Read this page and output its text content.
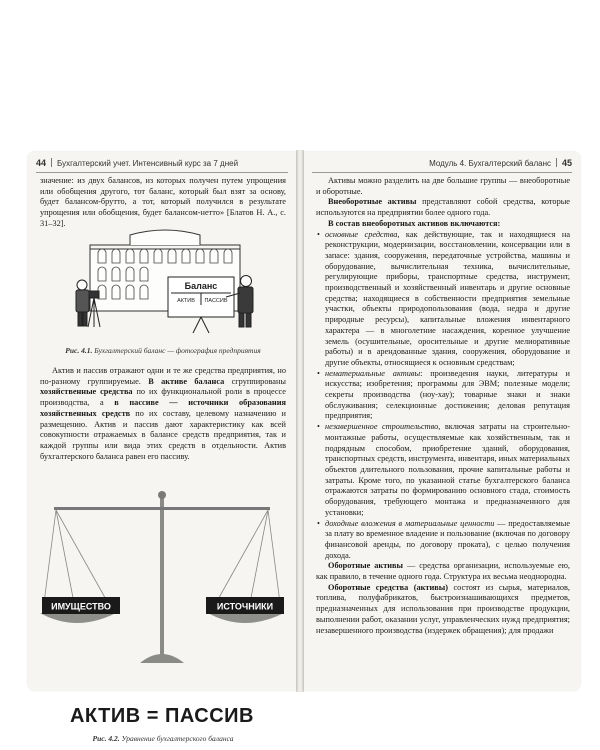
44 Бухгалтерский учет. Интенсивный курс за 7 дней

значение: из двух балансов, из которых получен путем упрощения или обобщения другого, тот баланс, который был взят за основу, будет балансом-брутто, а тот, который получился в результате упрощения или обобщения, будет балансом-нетто» [Блатов Н. А., с. 31–32].

Баланс
АКТИВ ПАССИВ
Рис. 4.1. Бухгалтерский баланс — фотография предприятия

Актив и пассив отражают одни и те же средства предприятия, но по-разному группируемые. В активе баланса сгруппированы хозяйственные средства по их функциональной роли в процессе производства, а в пассиве — источники образования хозяйственных средств по их составу, целевому назначению и размещению. Актив и пассив дают характеристику как всей совокупности отражаемых в балансе средств предприятия, так и каждой группы или вида этих средств в отдельности. Актив бухгалтерского баланса равен его пассиву.

ИМУЩЕСТВО	ИСТОЧНИКИ
АКТИВ = ПАССИВ
Рис. 4.2. Уравнение бухгалтерского баланса
Модуль 4. Бухгалтерский баланс 45

Активы можно разделить на две большие группы — внеоборотные и оборотные.

Внеоборотные активы представляют собой средства, которые используются на предприятии более одного года.

В состав внеоборотных активов включаются:

• основные средства, как действующие, так и находящиеся на реконструкции, модернизации, восстановлении, консервации или в запасе: здания, сооружения, передаточные устройства, машины и оборудование, вычислительная техника, вычислительные, регулирующие приборы, транспортные средства, инструмент, производственный и хозяйственный инвентарь и другие основные средства; находящиеся в собственности предприятия земельные участки, объекты природопользования (вода, недра и другие природные ресурсы), капитальные вложения инвентарного характера — в многолетние насаждения, коренное улучшение земель (осушительные, оросительные и другие мелиоративные работы) и в арендованные здания, сооружения, оборудование и другие объекты, относящиеся к основным средствам;
• нематериальные активы: произведения науки, литературы и искусства; изобретения; программы для ЭВМ; полезные модели; секреты производства (ноу-хау); товарные знаки и знаки обслуживания; селекционные достижения; деловая репутация предприятия;
• незавершенное строительство, включая затраты на строительно-монтажные работы, осуществляемые как хозяйственным, так и подрядным способом, приобретение зданий, оборудования, транспортных средств, инструмента, инвентаря, иных материальных объектов длительного пользования, прочие капитальные работы и затраты. Кроме того, по указанной статье бухгалтерского баланса отражаются затраты по формированию основного стада, стоимость оборудования, требующего монтажа и предназначенного для установки;
• доходные вложения в материальные ценности — предоставляемые за плату во временное владение и пользование (включая по договору финансовой аренды, по договору проката), с целью получения дохода.

Оборотные активы — средства организации, используемые ею, как правило, в течение одного года. Структура их весьма неоднородна.

Оборотные средства (активы) состоят из сырья, материалов, топлива, полуфабрикатов, быстроизнашивающихся предметов, предназначенных для использования при производстве продукции, выполнении работ, оказании услуг, управленческих нужд предприятия; незавершенного производства (издержек обращения); для продажи
